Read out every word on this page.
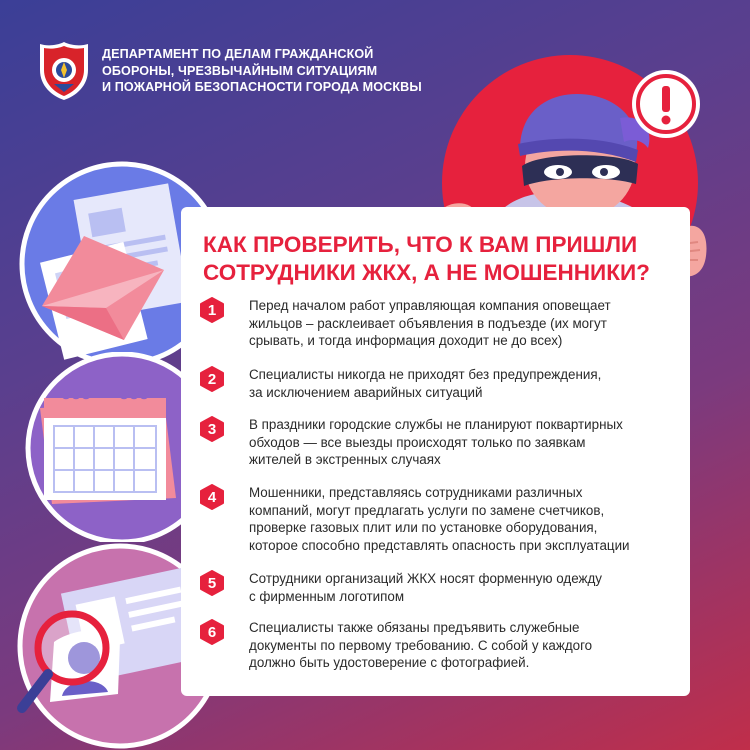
ДЕПАРТАМЕНТ ПО ДЕЛАМ ГРАЖДАНСКОЙ
ОБОРОНЫ, ЧРЕЗВЫЧАЙНЫМ СИТУАЦИЯМ
И ПОЖАРНОЙ БЕЗОПАСНОСТИ ГОРОДА МОСКВЫ
КАК ПРОВЕРИТЬ, ЧТО К ВАМ ПРИШЛИ
СОТРУДНИКИ ЖКХ, А НЕ МОШЕННИКИ?
1 Перед началом работ управляющая компания оповещает
жильцов – расклеивает объявления в подъезде (их могут
срывать, и тогда информация доходит не до всех)
2 Специалисты никогда не приходят без предупреждения,
за исключением аварийных ситуаций
3 В праздники городские службы не планируют поквартирных
обходов — все выезды происходят только по заявкам
жителей в экстренных случаях
4 Мошенники, представляясь сотрудниками различных
компаний, могут предлагать услуги по замене счетчиков,
проверке газовых плит или по установке оборудования,
которое способно представлять опасность при эксплуатации
5 Сотрудники организаций ЖКХ носят форменную одежду
с фирменным логотипом
6 Специалисты также обязаны предъявить служебные
документы по первому требованию. С собой у каждого
должно быть удостоверение с фотографией.
